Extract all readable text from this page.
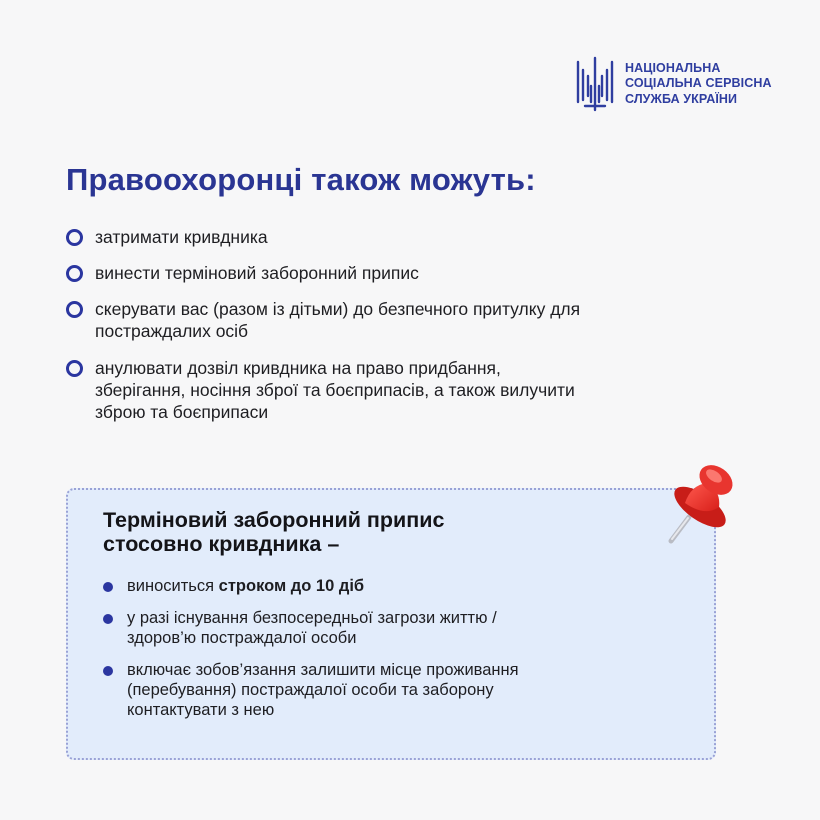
НАЦІОНАЛЬНА
СОЦІАЛЬНА СЕРВІСНА
СЛУЖБА УКРАЇНИ
Правоохоронці також можуть:
затримати кривдника
винести терміновий заборонний припис
скерувати вас (разом із дітьми) до безпечного притулку для
постраждалих осіб
анулювати дозвіл кривдника на право придбання,
зберігання, носіння зброї та боєприпасів, а також вилучити
зброю та боєприпаси
Терміновий заборонний припис
стосовно кривдника –
виноситься строком до 10 діб
у разі існування безпосередньої загрози життю /
здоров’ю постраждалої особи
включає зобов’язання залишити місце проживання
(перебування) постраждалої особи та заборону
контактувати з нею
